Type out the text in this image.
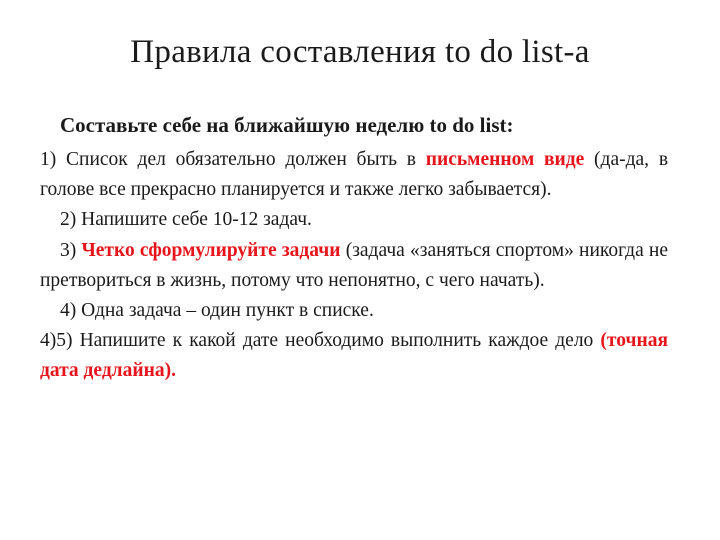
Правила составления to do list-а
Составьте себе на ближайшую неделю to do list:

1) Список дел обязательно должен быть в письменном виде (да-да, в голове все прекрасно планируется и также легко забывается).

2) Напишите себе 10-12 задач.

3) Четко сформулируйте задачи (задача «заняться спортом» никогда не претвориться в жизнь, потому что непонятно, с чего начать).

4) Одна задача – один пункт в списке.

4)5) Напишите к какой дате необходимо выполнить каждое дело (точная дата дедлайна).
